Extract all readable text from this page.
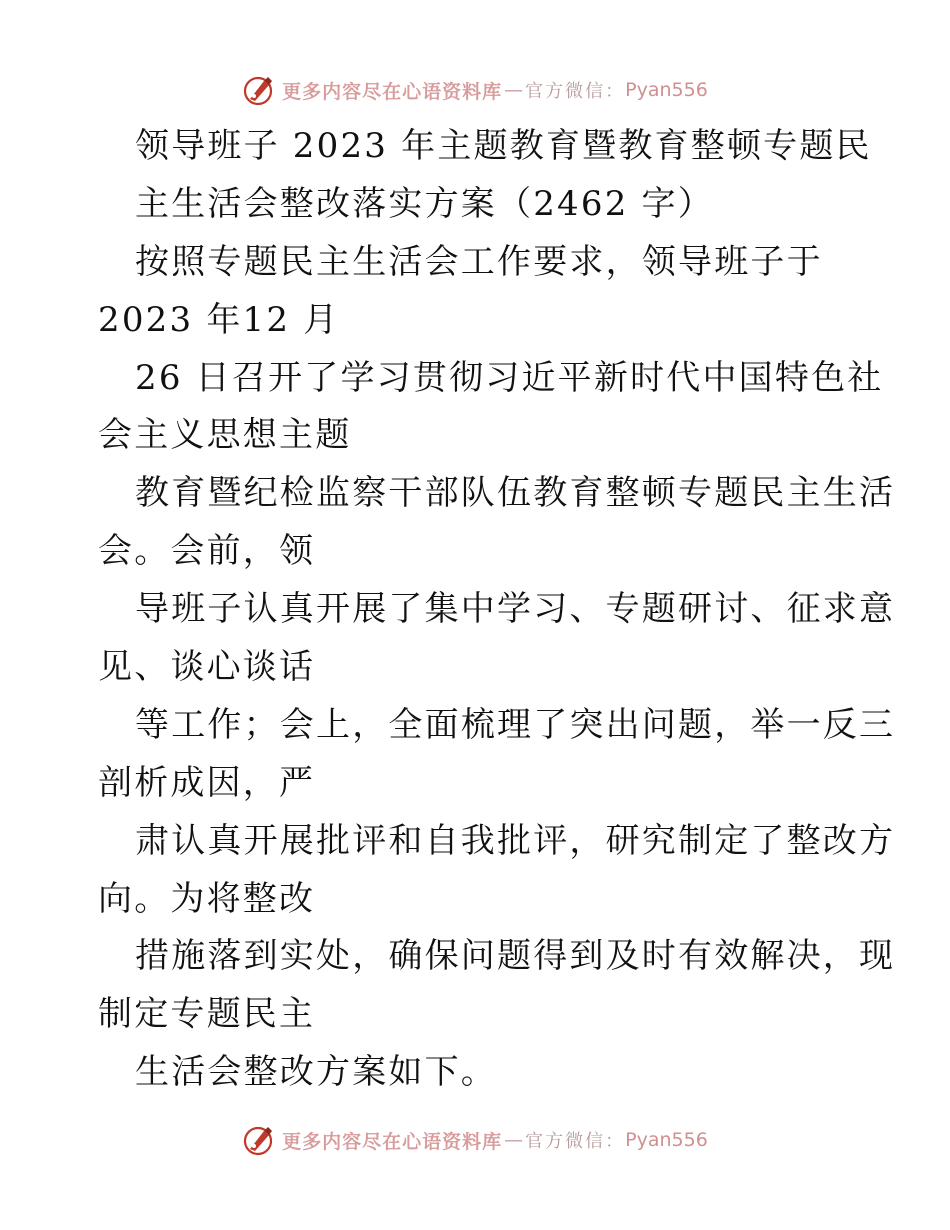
更多内容尽在心语资料库 — 官方微信： Pyan556
领导班子 2023 年主题教育暨教育整顿专题民
主生活会整改落实方案（2462 字）
按照专题民主生活会工作要求，领导班子于
2023 年12 月
26 日召开了学习贯彻习近平新时代中国特色社
会主义思想主题
教育暨纪检监察干部队伍教育整顿专题民主生活
会。会前，领
导班子认真开展了集中学习、专题研讨、征求意
见、谈心谈话
等工作；会上，全面梳理了突出问题，举一反三
剖析成因，严
肃认真开展批评和自我批评，研究制定了整改方
向。为将整改
措施落到实处，确保问题得到及时有效解决，现
制定专题民主
生活会整改方案如下。
更多内容尽在心语资料库 — 官方微信： Pyan556
